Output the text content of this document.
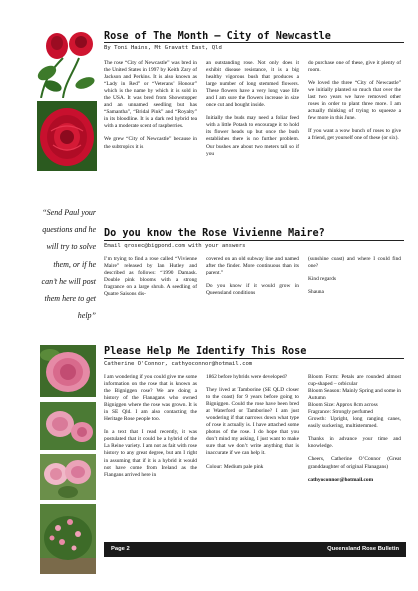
Rose of The Month – City of Newcastle
By Toni Hains, Mt Gravatt East, Qld

The rose “City of Newcastle” was bred in the United States in 1997 by Keith Zary of Jackson and Perkins. It is also known as “Lady in Red” or “Veterans’ Honour” which is the name by which it is sold in the USA. It was bred from Showstopper and an unnamed seedling but has “Samantha”, “Bridal Pink” and “Royalty” in its bloodline. It is a dark red hybrid tea with a moderate scent of raspberries.

We grew “City of Newcastle” because in the subtropics it is

an outstanding rose. Not only does it exhibit disease resistance, it is a big healthy vigorous bush that produces a large number of long stemmed flowers. These flowers have a very long vase life and I am sure the flowers increase in size once cut and bought inside.

Initially the buds may need a foliar feed with a little Potash to encourage it to hold its flower heads up but once the bush establishes there is no further problem. Our bushes are about two meters tall so if you

do purchase one of these, give it plenty of room.

We loved the three “City of Newcastle” we initially planted so much that over the last two years we have removed other roses in order to plant three more. I am actually thinking of trying to squeeze a few more in this June.

If you want a wow bunch of roses to give a friend, get yourself one of these (or six).

“Send Paul your
questions and he
will try to solve
them, or if he
can’t he will post
them here to get
help”
Do you know the Rose Vivienne Maire?
Email qrosec@bigpond.com with your answers

I’m trying to find a rose called “Vivienne Maire” released by Ian Hutley and described as follows: “1990 Damask. Double pink blooms with a strong fragrance on a large shrub. A seedling of Quatre Saisons dis-

covered on an old subway line and named after the finder. More continuous than its parent.”

Do you know if it would grow in Queensland conditions

(sunshine coast) and where I could find one?

Kind regards

Shauna

Please Help Me Identify This Rose
Catherine O'Connor, cathyoconnor@hotmail.com

I am wondering if you could give me some information on the rose that is known as the Bigniggen rose? We are doing a history of the Flanagans who owned Bigniggen where the rose was grown. It is in SE Qld. I am also contacting the Heritage Rose people too.

In a text that I read recently, it was postulated that it could be a hybrid of the La Reine variety. I am not as fait with rose history to any great degree, but am I right in assuming that if it is a hybrid it would not have come from Ireland as the Flangans arrived here in

1862 before hybrids were developed?

They lived at Tamborine (SE QLD closer to the coast) for 9 years before going to Bigniggen. Could the rose have been bred at Waterford or Tamborine? I am just wondering if that narrows down what type of rose it actually is. I have attached some photos of the rose. I do hope that you don’t mind my asking, I just want to make sure that we don’t write anything that is inaccurate if we can help it.

Colour: Medium pale pink

Bloom Form: Petals are rounded almost cup-shaped – orbicular

Bloom Season: Mainly Spring and some in Autumn

Bloom Size: Approx 8cm across

Fragrance: Strongly perfumed

Growth: Upright, long ranging canes, easily suckering, multistemmed.

Thanks in advance your time and knowledge.

Cheers, Catherine O’Connor (Great granddaughter of original Flanagans)

cathyoconnor@hotmail.com

Page 2	Queensland Rose Bulletin
